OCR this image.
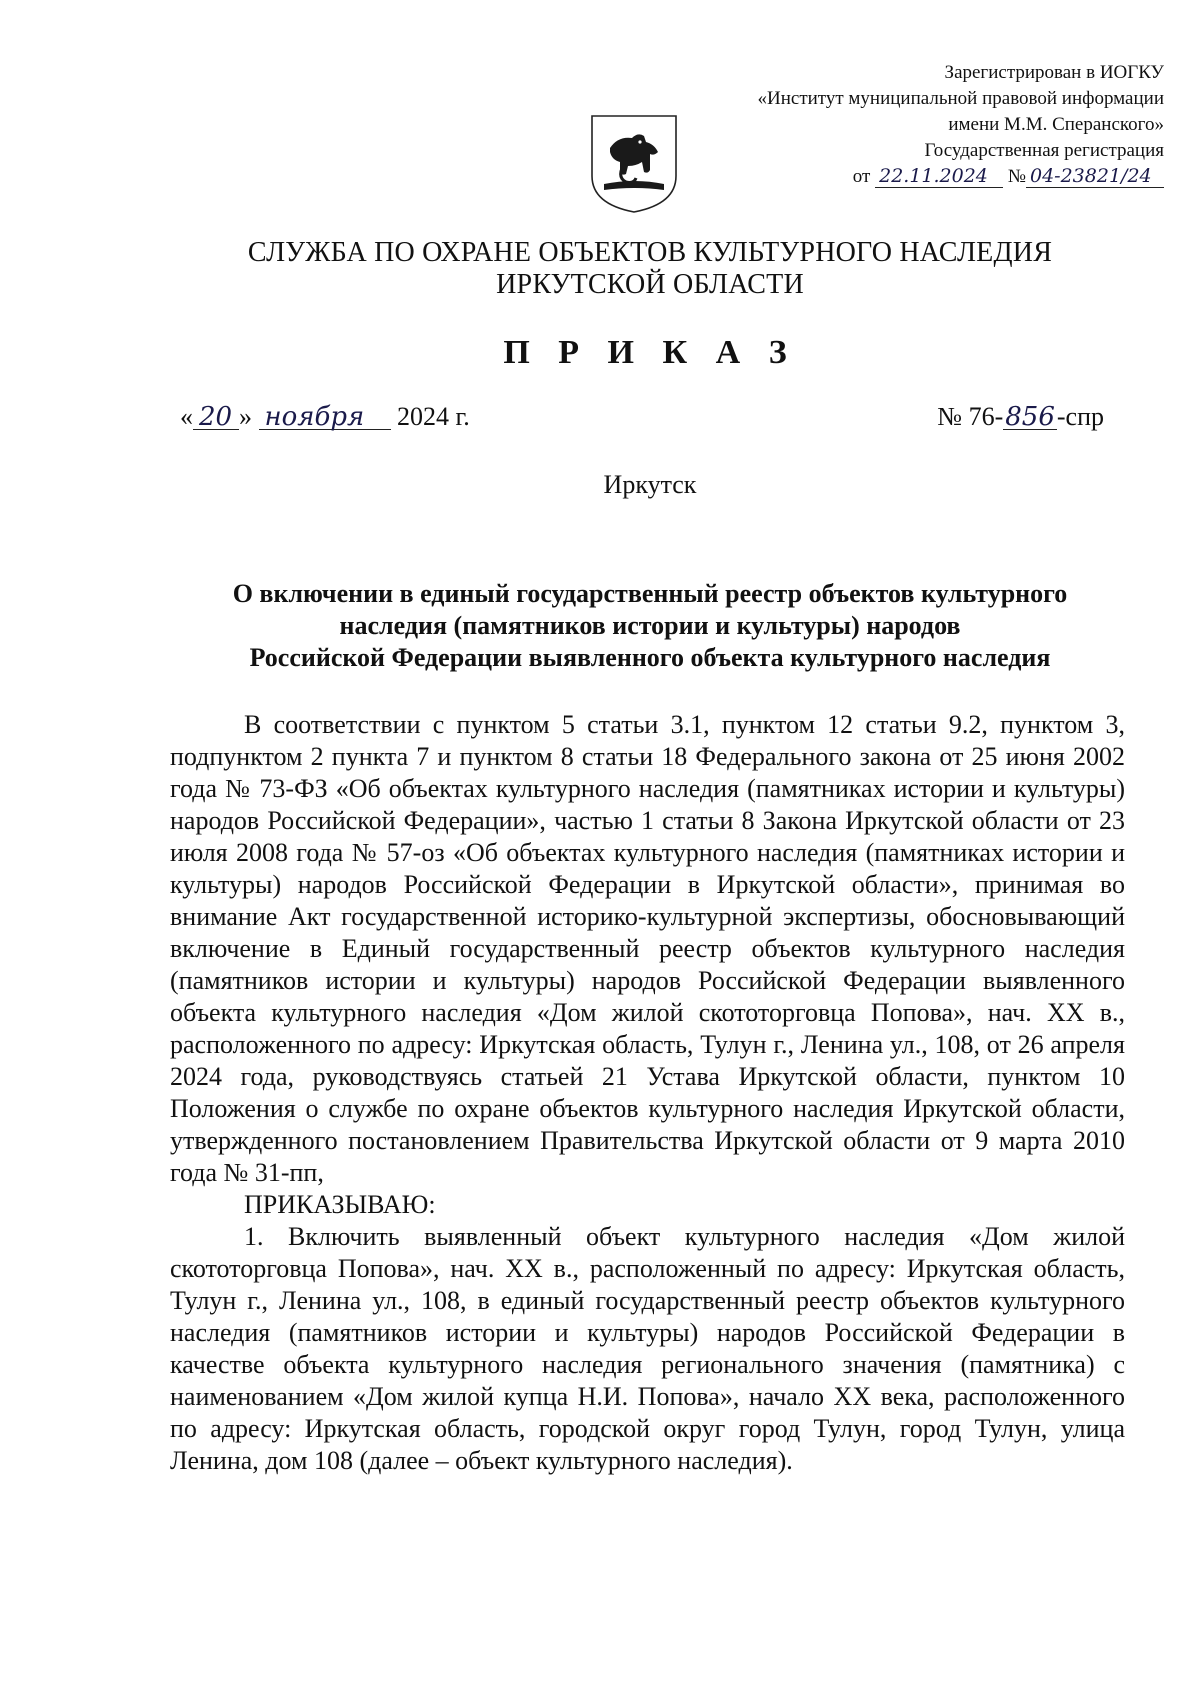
Зарегистрирован в ИОГКУ
«Институт муниципальной правовой информации
имени М.М. Сперанского»
Государственная регистрация
от 22.11.2024 № 04-23821/24
СЛУЖБА ПО ОХРАНЕ ОБЪЕКТОВ КУЛЬТУРНОГО НАСЛЕДИЯ
ИРКУТСКОЙ ОБЛАСТИ
П Р И К А З
« 20 » ноября 2024 г.	№ 76-856-спр
Иркутск
О включении в единый государственный реестр объектов культурного
наследия (памятников истории и культуры) народов
Российской Федерации выявленного объекта культурного наследия

В соответствии с пунктом 5 статьи 3.1, пунктом 12 статьи 9.2, пунктом 3, подпунктом 2 пункта 7 и пунктом 8 статьи 18 Федерального закона от 25 июня 2002 года № 73-ФЗ «Об объектах культурного наследия (памятниках истории и культуры) народов Российской Федерации», частью 1 статьи 8 Закона Иркутской области от 23 июля 2008 года № 57-оз «Об объектах культурного наследия (памятниках истории и культуры) народов Российской Федерации в Иркутской области», принимая во внимание Акт государственной историко-культурной экспертизы, обосновывающий включение в Единый государственный реестр объектов культурного наследия (памятников истории и культуры) народов Российской Федерации выявленного объекта культурного наследия «Дом жилой скототорговца Попова», нач. XX в., расположенного по адресу: Иркутская область, Тулун г., Ленина ул., 108, от 26 апреля 2024 года, руководствуясь статьей 21 Устава Иркутской области, пунктом 10 Положения о службе по охране объектов культурного наследия Иркутской области, утвержденного постановлением Правительства Иркутской области от 9 марта 2010 года № 31-пп,

ПРИКАЗЫВАЮ:

1. Включить выявленный объект культурного наследия «Дом жилой скототорговца Попова», нач. XX в., расположенный по адресу: Иркутская область, Тулун г., Ленина ул., 108, в единый государственный реестр объектов культурного наследия (памятников истории и культуры) народов Российской Федерации в качестве объекта культурного наследия регионального значения (памятника) с наименованием «Дом жилой купца Н.И. Попова», начало XX века, расположенного по адресу: Иркутская область, городской округ город Тулун, город Тулун, улица Ленина, дом 108 (далее – объект культурного наследия).
